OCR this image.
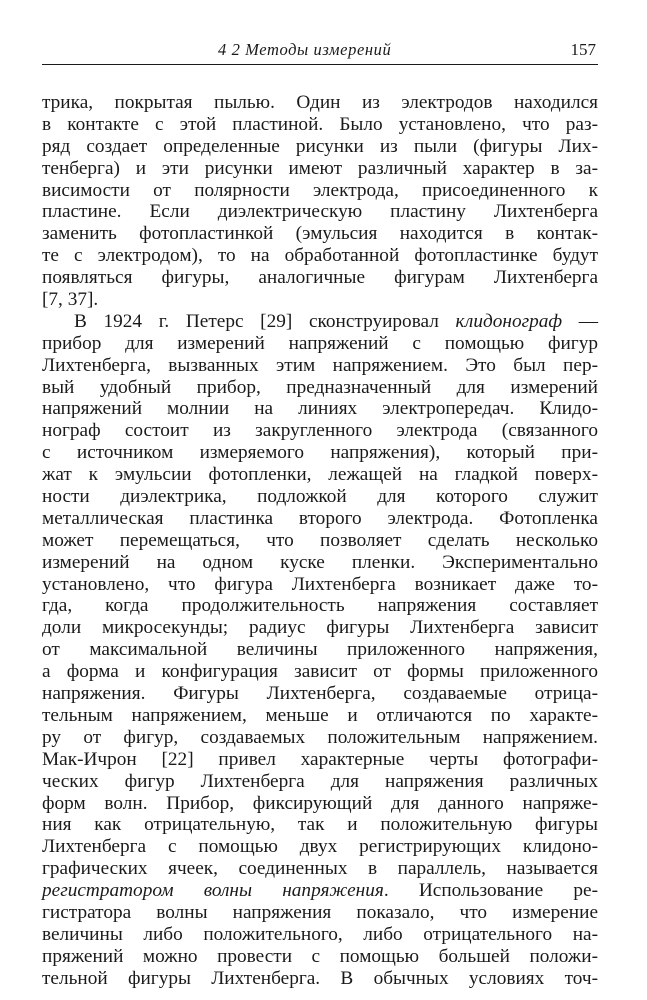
4 2 Методы измерений	157
трика, покрытая пылью. Один из электродов находился
в контакте с этой пластиной. Было установлено, что раз-
ряд создает определенные рисунки из пыли (фигуры Лих-
тенберга) и эти рисунки имеют различный характер в за-
висимости от полярности электрода, присоединенного к
пластине. Если диэлектрическую пластину Лихтенберга
заменить фотопластинкой (эмульсия находится в контак-
те с электродом), то на обработанной фотопластинке будут
появляться фигуры, аналогичные фигурам Лихтенберга
[7, 37].
В 1924 г. Петерс [29] сконструировал клидонограф —
прибор для измерений напряжений с помощью фигур
Лихтенберга, вызванных этим напряжением. Это был пер-
вый удобный прибор, предназначенный для измерений
напряжений молнии на линиях электропередач. Клидо-
нограф состоит из закругленного электрода (связанного
с источником измеряемого напряжения), который при-
жат к эмульсии фотопленки, лежащей на гладкой поверх-
ности диэлектрика, подложкой для которого служит
металлическая пластинка второго электрода. Фотопленка
может перемещаться, что позволяет сделать несколько
измерений на одном куске пленки. Экспериментально
установлено, что фигура Лихтенберга возникает даже то-
гда, когда продолжительность напряжения составляет
доли микросекунды; радиус фигуры Лихтенберга зависит
от максимальной величины приложенного напряжения,
а форма и конфигурация зависит от формы приложенного
напряжения. Фигуры Лихтенберга, создаваемые отрица-
тельным напряжением, меньше и отличаются по характе-
ру от фигур, создаваемых положительным напряжением.
Мак-Ичрон [22] привел характерные черты фотографи-
ческих фигур Лихтенберга для напряжения различных
форм волн. Прибор, фиксирующий для данного напряже-
ния как отрицательную, так и положительную фигуры
Лихтенберга с помощью двух регистрирующих клидоно-
графических ячеек, соединенных в параллель, называется
регистратором волны напряжения. Использование ре-
гистратора волны напряжения показало, что измерение
величины либо положительного, либо отрицательного на-
пряжений можно провести с помощью большей положи-
тельной фигуры Лихтенберга. В обычных условиях точ-
